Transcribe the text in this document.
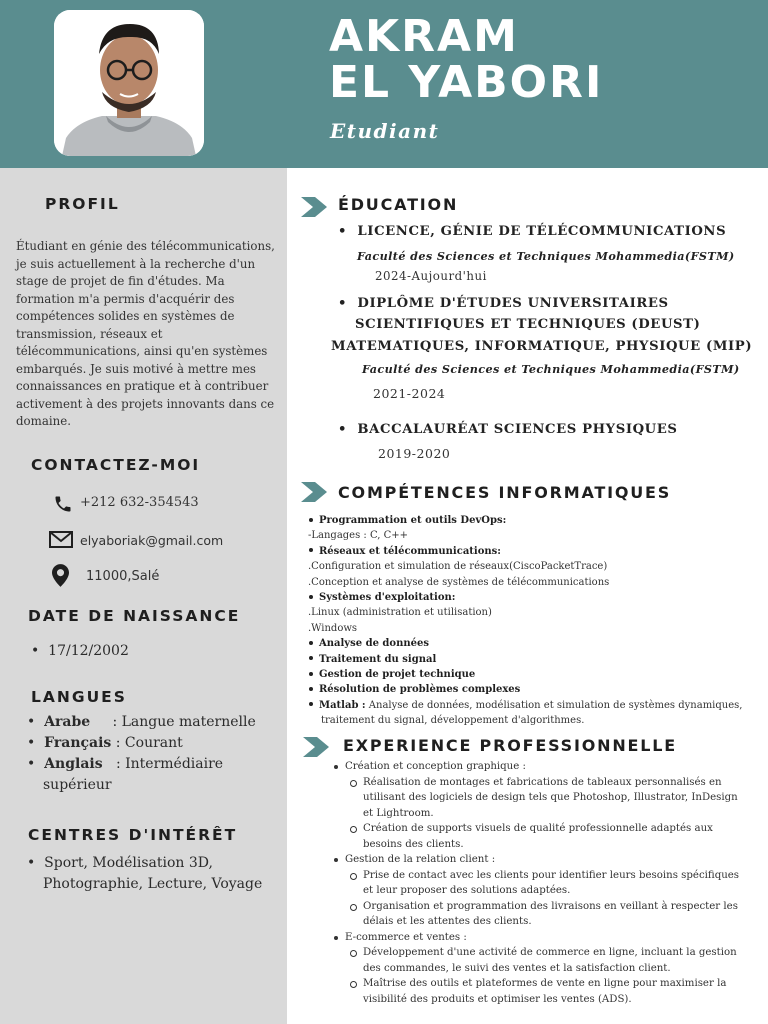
AKRAM
EL YABORI
Etudiant
PROFIL
Étudiant en génie des télécommunications, je suis actuellement à la recherche d'un stage de projet de fin d'études. Ma formation m'a permis d'acquérir des compétences solides en systèmes de transmission, réseaux et télécommunications, ainsi qu'en systèmes embarqués. Je suis motivé à mettre mes connaissances en pratique et à contribuer activement à des projets innovants dans ce domaine.
CONTACTEZ-MOI
+212 632-354543
elyaboriak@gmail.com
11000,Salé
DATE DE NAISSANCE
•  17/12/2002
LANGUES
•  Arabe     : Langue maternelle
•  Français : Courant
•  Anglais   : Intermédiaire
supérieur
CENTRES D'INTÉRÊT
•  Sport, Modélisation 3D,
Photographie, Lecture, Voyage
ÉDUCATION
•  LICENCE, GÉNIE DE TÉLÉCOMMUNICATIONS
Faculté des Sciences et Techniques Mohammedia(FSTM)
2024-Aujourd'hui
•  DIPLÔME D'ÉTUDES UNIVERSITAIRES
SCIENTIFIQUES ET TECHNIQUES (DEUST)
MATEMATIQUES, INFORMATIQUE, PHYSIQUE (MIP)
Faculté des Sciences et Techniques Mohammedia(FSTM)
2021-2024
•  BACCALAURÉAT SCIENCES PHYSIQUES
2019-2020
COMPÉTENCES INFORMATIQUES
Programmation et outils DevOps:
-Langages : C, C++
Réseaux et télécommunications:
.Configuration et simulation de réseaux(CiscoPacketTrace)
.Conception et analyse de systèmes de télécommunications
Systèmes d'exploitation:
.Linux (administration et utilisation)
.Windows
Analyse de données
Traitement du signal
Gestion de projet technique
Résolution de problèmes complexes
Matlab : Analyse de données, modélisation et simulation de systèmes dynamiques, traitement du signal, développement d'algorithmes.
EXPERIENCE PROFESSIONNELLE
Création et conception graphique :
Réalisation de montages et fabrications de tableaux personnalisés en utilisant des logiciels de design tels que Photoshop, Illustrator, InDesign et Lightroom.
Création de supports visuels de qualité professionnelle adaptés aux besoins des clients.
Gestion de la relation client :
Prise de contact avec les clients pour identifier leurs besoins spécifiques et leur proposer des solutions adaptées.
Organisation et programmation des livraisons en veillant à respecter les délais et les attentes des clients.
E-commerce et ventes :
Développement d'une activité de commerce en ligne, incluant la gestion des commandes, le suivi des ventes et la satisfaction client.
Maîtrise des outils et plateformes de vente en ligne pour maximiser la visibilité des produits et optimiser les ventes (ADS).
